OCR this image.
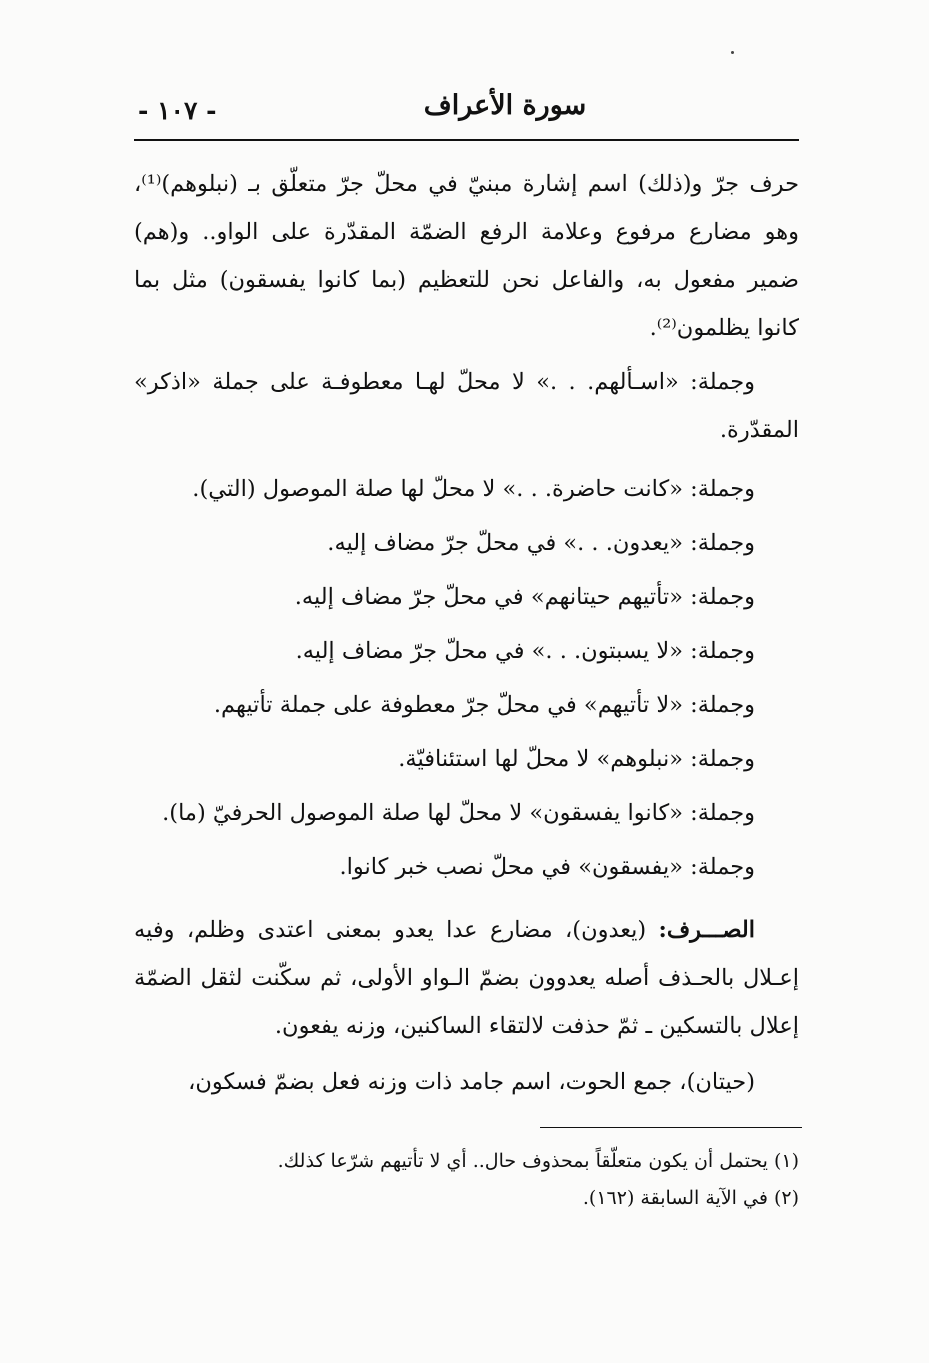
- ١٠٧ -	سورة الأعراف

حرف جرّ و(ذلك) اسم إشارة مبنيّ في محلّ جرّ متعلّق بـ (نبلوهم)⁽¹⁾، وهو مضارع مرفوع وعلامة الرفع الضمّة المقدّرة على الواو.. و(هم) ضمير مفعول به، والفاعل نحن للتعظيم (بما كانوا يفسقون) مثل بما كانوا يظلمون⁽²⁾.

وجملة: «اسـألهم. . .» لا محلّ لهـا معطوفـة على جملة «اذكر» المقدّرة.

وجملة: «كانت حاضرة. . .» لا محلّ لها صلة الموصول (التي).

وجملة: «يعدون. . .» في محلّ جرّ مضاف إليه.

وجملة: «تأتيهم حيتانهم» في محلّ جرّ مضاف إليه.

وجملة: «لا يسبتون. . .» في محلّ جرّ مضاف إليه.

وجملة: «لا تأتيهم» في محلّ جرّ معطوفة على جملة تأتيهم.

وجملة: «نبلوهم» لا محلّ لها استئنافيّة.

وجملة: «كانوا يفسقون» لا محلّ لها صلة الموصول الحرفيّ (ما).

وجملة: «يفسقون» في محلّ نصب خبر كانوا.

الصـــرف: (يعدون)، مضارع عدا يعدو بمعنى اعتدى وظلم، وفيه إعـلال بالحـذف أصله يعدوون بضمّ الـواو الأولى، ثم سكّنت لثقل الضمّة إعلال بالتسكين ـ ثمّ حذفت لالتقاء الساكنين، وزنه يفعون.

(حيتان)، جمع الحوت، اسم جامد ذات وزنه فعل بضمّ فسكون،

(١) يحتمل أن يكون متعلّقاً بمحذوف حال.. أي لا تأتيهم شرّعا كذلك.

(٢) في الآية السابقة (١٦٢).
